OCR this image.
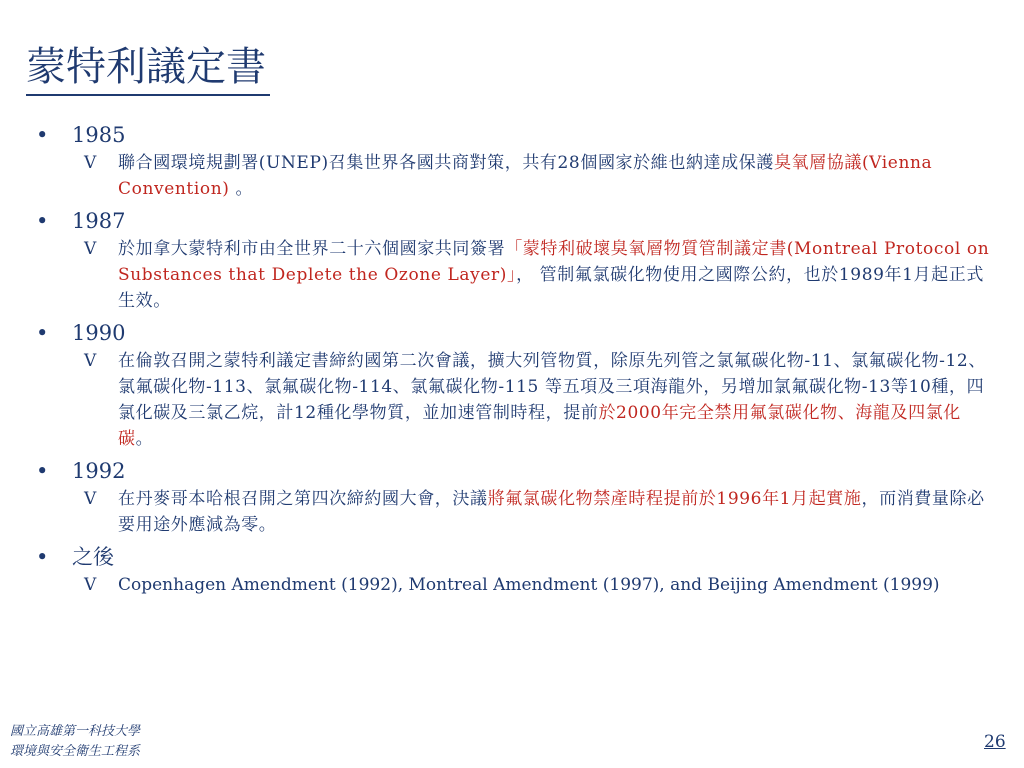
蒙特利議定書
• 1985
V 聯合國環境規劃署(UNEP)召集世界各國共商對策，共有28個國家於維也納達成保護臭氧層協議(Vienna Convention) 。
• 1987
V 於加拿大蒙特利市由全世界二十六個國家共同簽署「蒙特利破壞臭氧層物質管制議定書(Montreal Protocol on Substances that Deplete the Ozone Layer)」， 管制氟氯碳化物使用之國際公約，也於1989年1月起正式生效。
• 1990
V 在倫敦召開之蒙特利議定書締約國第二次會議，擴大列管物質，除原先列管之氯氟碳化物-11、氯氟碳化物-12、氯氟碳化物-113、氯氟碳化物-114、氯氟碳化物-115 等五項及三項海龍外，另增加氯氟碳化物-13等10種，四氯化碳及三氯乙烷，計12種化學物質，並加速管制時程，提前於2000年完全禁用氟氯碳化物、海龍及四氯化碳。
• 1992
V 在丹麥哥本哈根召開之第四次締約國大會，決議將氟氯碳化物禁產時程提前於1996年1月起實施，而消費量除必要用途外應減為零。
• 之後
V Copenhagen Amendment (1992), Montreal Amendment (1997), and Beijing Amendment (1999)
國立高雄第一科技大學
環境與安全衛生工程系	26
